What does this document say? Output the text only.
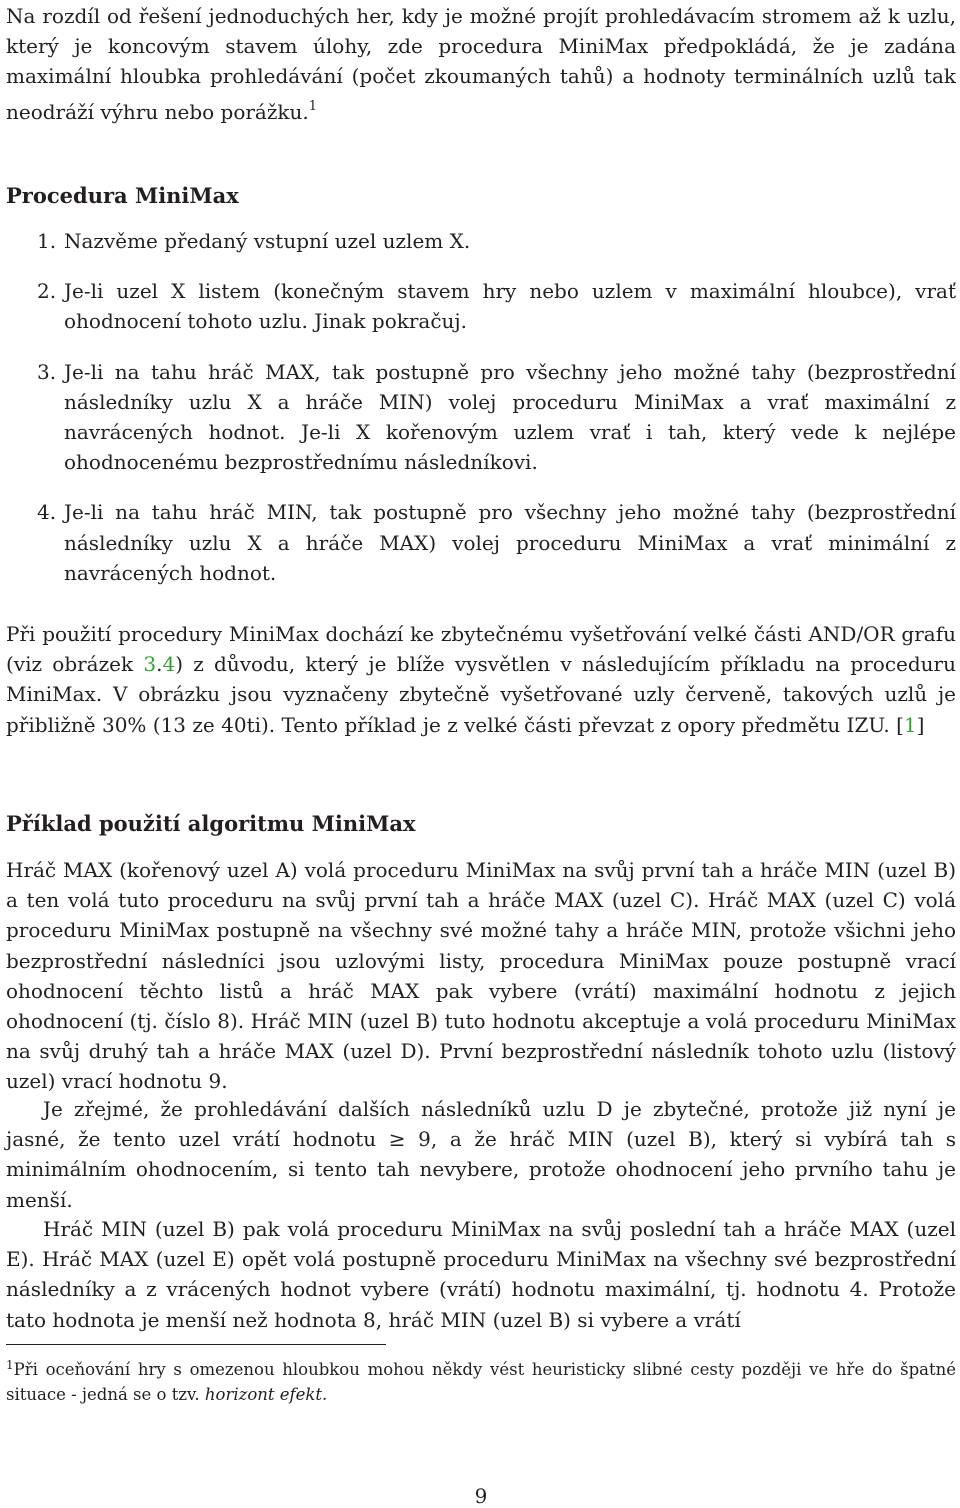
Na rozdíl od řešení jednoduchých her, kdy je možné projít prohledávacím stromem až k uzlu, který je koncovým stavem úlohy, zde procedura MiniMax předpokládá, že je zadána maximální hloubka prohledávání (počet zkoumaných tahů) a hodnoty terminálních uzlů tak neodráží výhru nebo porážku.$^1$

Procedura MiniMax
1. Nazvěme předaný vstupní uzel uzlem X.
2. Je-li uzel X listem (konečným stavem hry nebo uzlem v maximální hloubce), vrať ohodnocení tohoto uzlu. Jinak pokračuj.
3. Je-li na tahu hráč MAX, tak postupně pro všechny jeho možné tahy (bezprostřední následníky uzlu X a hráče MIN) volej proceduru MiniMax a vrať maximální z navrácených hodnot. Je-li X kořenovým uzlem vrať i tah, který vede k nejlépe ohodnocenému bezprostřednímu následníkovi.
4. Je-li na tahu hráč MIN, tak postupně pro všechny jeho možné tahy (bezprostřední následníky uzlu X a hráče MAX) volej proceduru MiniMax a vrať minimální z navrácených hodnot.

Při použití procedury MiniMax dochází ke zbytečnému vyšetřování velké části AND/OR grafu (viz obrázek 3.4) z důvodu, který je blíže vysvětlen v následujícím příkladu na proceduru MiniMax. V obrázku jsou vyznačeny zbytečně vyšetřované uzly červeně, takových uzlů je přibližně 30% (13 ze 40ti). Tento příklad je z velké části převzat z opory předmětu IZU. [1]

Příklad použití algoritmu MiniMax

Hráč MAX (kořenový uzel A) volá proceduru MiniMax na svůj první tah a hráče MIN (uzel B) a ten volá tuto proceduru na svůj první tah a hráče MAX (uzel C). Hráč MAX (uzel C) volá proceduru MiniMax postupně na všechny své možné tahy a hráče MIN, protože všichni jeho bezprostřední následníci jsou uzlovými listy, procedura MiniMax pouze postupně vrací ohodnocení těchto listů a hráč MAX pak vybere (vrátí) maximální hodnotu z jejich ohodnocení (tj. číslo 8). Hráč MIN (uzel B) tuto hodnotu akceptuje a volá proceduru MiniMax na svůj druhý tah a hráče MAX (uzel D). První bezprostřední následník tohoto uzlu (listový uzel) vrací hodnotu 9.

Je zřejmé, že prohledávání dalších následníků uzlu D je zbytečné, protože již nyní je jasné, že tento uzel vrátí hodnotu ≥ 9, a že hráč MIN (uzel B), který si vybírá tah s minimálním ohodnocením, si tento tah nevybere, protože ohodnocení jeho prvního tahu je menší.

Hráč MIN (uzel B) pak volá proceduru MiniMax na svůj poslední tah a hráče MAX (uzel E). Hráč MAX (uzel E) opět volá postupně proceduru MiniMax na všechny své bezprostřední následníky a z vrácených hodnot vybere (vrátí) hodnotu maximální, tj. hodnotu 4. Protože tato hodnota je menší než hodnota 8, hráč MIN (uzel B) si vybere a vrátí

$^1$Při oceňování hry s omezenou hloubkou mohou někdy vést heuristicky slibné cesty později ve hře do špatné situace - jedná se o tzv. horizont efekt.
9
